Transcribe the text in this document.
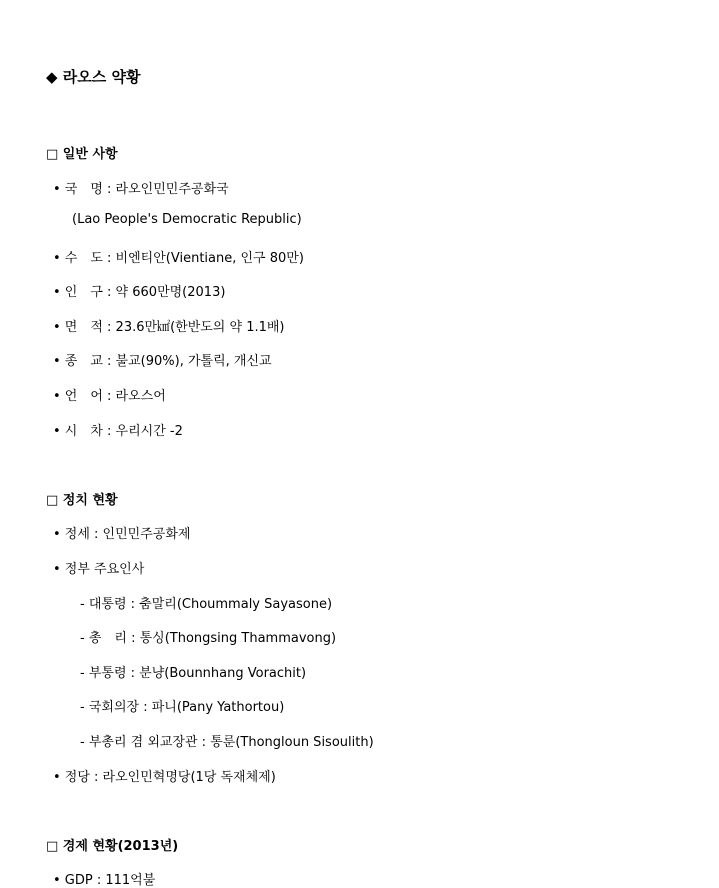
◆ 라오스 약황
□ 일반 사항
• 국　명 : 라오인민민주공화국
(Lao People's Democratic Republic)
• 수　도 : 비엔티안(Vientiane, 인구 80만)
• 인　구 : 약 660만명(2013)
• 면　적 : 23.6만㎢(한반도의 약 1.1배)
• 종　교 : 불교(90%), 가톨릭, 개신교
• 언　어 : 라오스어
• 시　차 : 우리시간 -2
□ 정치 현황
• 정세 : 인민민주공화제
• 정부 주요인사
- 대통령 : 춤말리(Choummaly Sayasone)
- 총　리 : 통싱(Thongsing Thammavong)
- 부통령 : 분냥(Bounnhang Vorachit)
- 국회의장 : 파니(Pany Yathortou)
- 부총리 겸 외교장관 : 통룬(Thongloun Sisoulith)
• 정당 : 라오인민혁명당(1당 독재체제)
□ 경제 현황(2013년)
• GDP : 111억불
